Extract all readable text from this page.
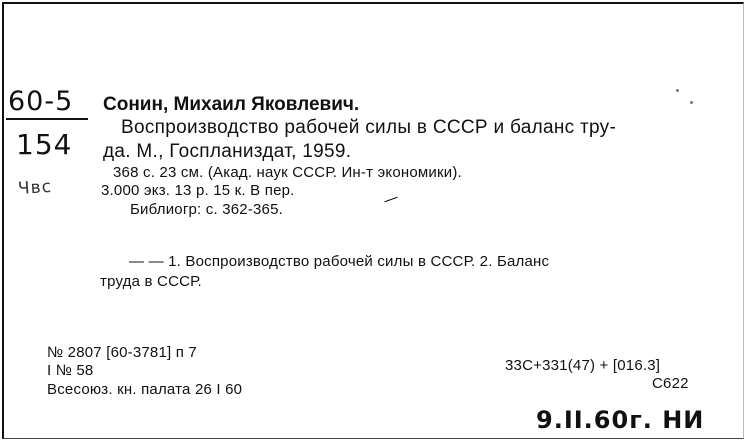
60-5
154
Чвс
Сонин, Михаил Яковлевич.
Воспроизводство рабочей силы в СССР и баланс тру-
да. М., Госпланиздат, 1959.
368 с. 23 см. (Акад. наук СССР. Ин-т экономики).
3.000 экз. 13 р. 15 к. В пер.
Библиогр: с. 362-365.
— — 1. Воспроизводство рабочей силы в СССР. 2. Баланс
труда в СССР.
№ 2807 [60-3781] п 7
I № 58
Всесоюз. кн. палата 26 I 60
33С+331(47) + [016.3]
С622
9.II.60г. НИ
